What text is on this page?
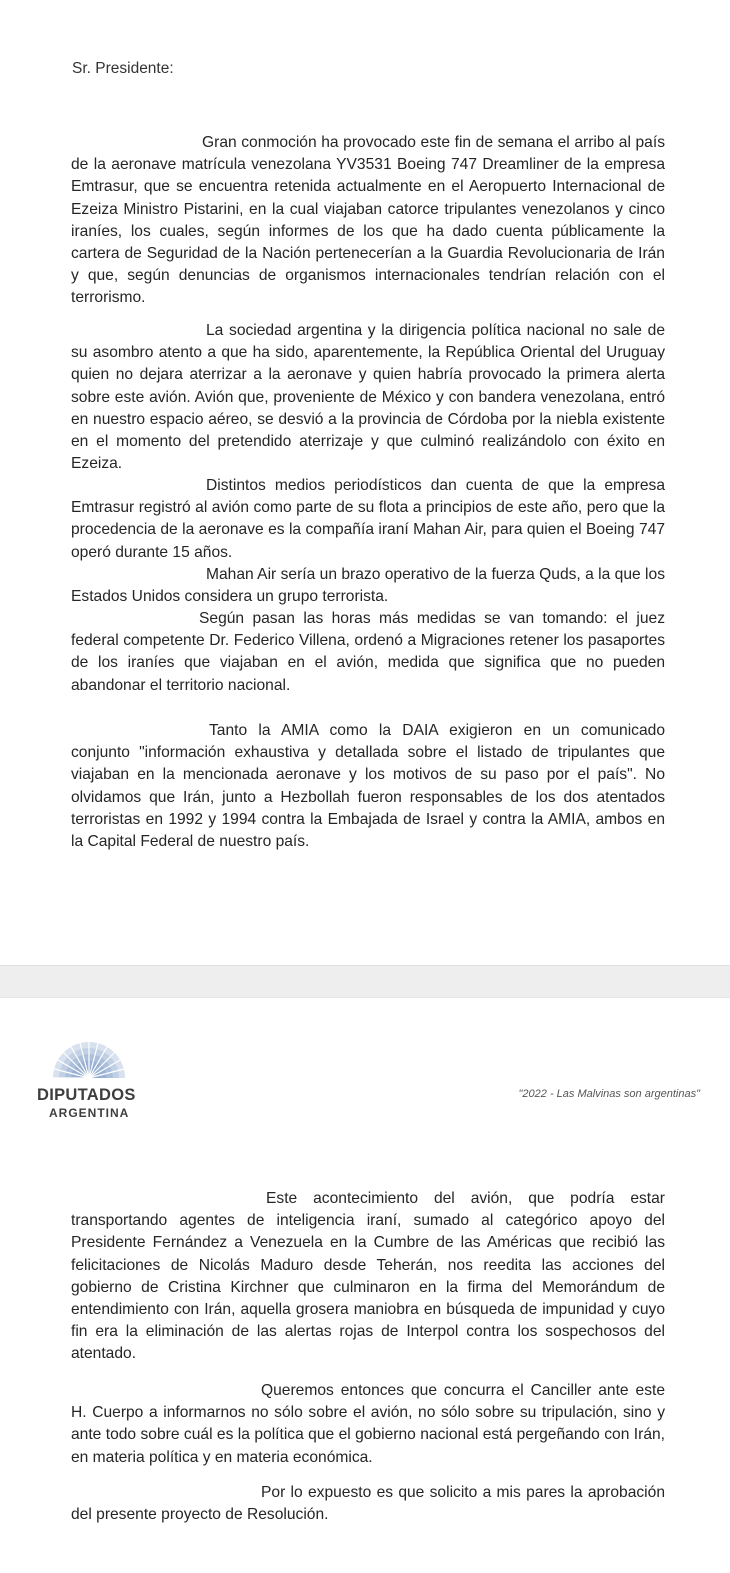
Sr. Presidente:

Gran conmoción ha provocado este fin de semana el arribo al país de la aeronave matrícula venezolana YV3531 Boeing 747 Dreamliner de la empresa Emtrasur, que se encuentra retenida actualmente en el Aeropuerto Internacional de Ezeiza Ministro Pistarini, en la cual viajaban catorce tripulantes venezolanos y cinco iraníes, los cuales, según informes de los que ha dado cuenta públicamente la cartera de Seguridad de la Nación pertenecerían a la Guardia Revolucionaria de Irán y que, según denuncias de organismos internacionales tendrían relación con el terrorismo.

La sociedad argentina y la dirigencia política nacional no sale de su asombro atento a que ha sido, aparentemente, la República Oriental del Uruguay quien no dejara aterrizar a la aeronave y quien habría provocado la primera alerta sobre este avión. Avión que, proveniente de México y con bandera venezolana, entró en nuestro espacio aéreo, se desvió a la provincia de Córdoba por la niebla existente en el momento del pretendido aterrizaje y que culminó realizándolo con éxito en Ezeiza.

Distintos medios periodísticos dan cuenta de que la empresa Emtrasur registró al avión como parte de su flota a principios de este año, pero que la procedencia de la aeronave es la compañía iraní Mahan Air, para quien el Boeing 747 operó durante 15 años.

Mahan Air sería un brazo operativo de la fuerza Quds, a la que los Estados Unidos considera un grupo terrorista.

Según pasan las horas más medidas se van tomando: el juez federal competente Dr. Federico Villena, ordenó a Migraciones retener los pasaportes de los iraníes que viajaban en el avión, medida que significa que no pueden abandonar el territorio nacional.

Tanto la AMIA como la DAIA exigieron en un comunicado conjunto "información exhaustiva y detallada sobre el listado de tripulantes que viajaban en la mencionada aeronave y los motivos de su paso por el país". No olvidamos que Irán, junto a Hezbollah fueron responsables de los dos atentados terroristas en 1992 y 1994 contra la Embajada de Israel y contra la AMIA, ambos en la Capital Federal de nuestro país.

DIPUTADOS
ARGENTINA
"2022 - Las Malvinas son argentinas"

Este acontecimiento del avión, que podría estar transportando agentes de inteligencia iraní, sumado al categórico apoyo del Presidente Fernández a Venezuela en la Cumbre de las Américas que recibió las felicitaciones de Nicolás Maduro desde Teherán, nos reedita las acciones del gobierno de Cristina Kirchner que culminaron en la firma del Memorándum de entendimiento con Irán, aquella grosera maniobra en búsqueda de impunidad y cuyo fin era la eliminación de las alertas rojas de Interpol contra los sospechosos del atentado.

Queremos entonces que concurra el Canciller ante este H. Cuerpo a informarnos no sólo sobre el avión, no sólo sobre su tripulación, sino y ante todo sobre cuál es la política que el gobierno nacional está pergeñando con Irán, en materia política y en materia económica.

Por lo expuesto es que solicito a mis pares la aprobación del presente proyecto de Resolución.
